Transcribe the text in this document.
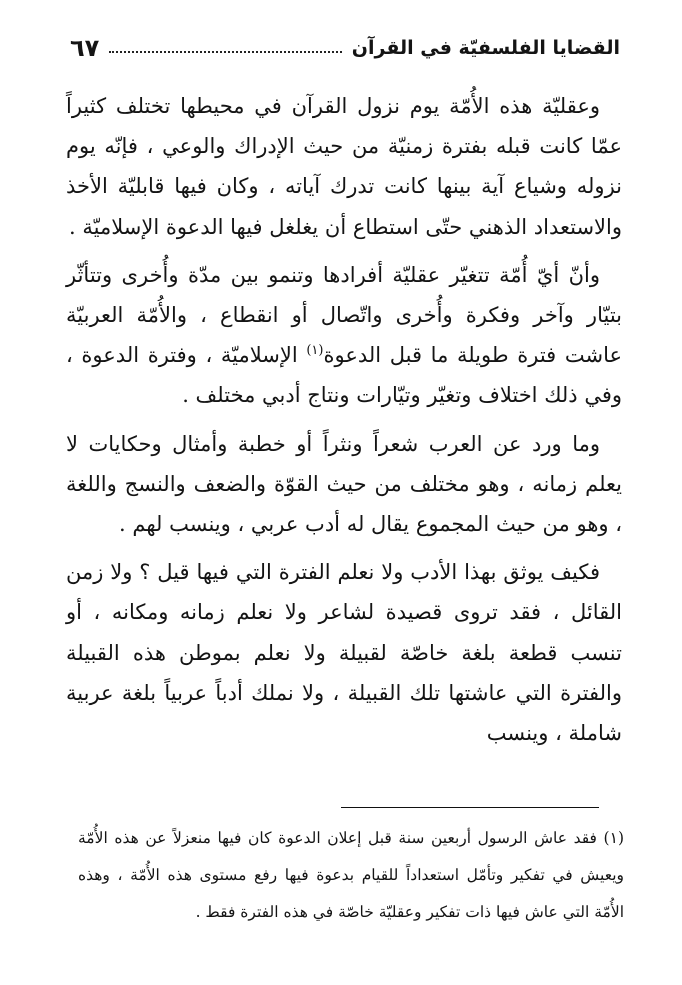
القضايا الفلسفيّة في القرآن
٦٧

وعقليّة هذه الأُمّة يوم نزول القرآن في محيطها تختلف كثيراً عمّا كانت قبله بفترة زمنيّة من حيث الإدراك والوعي ، فإنّه يوم نزوله وشياع آية بينها كانت تدرك آياته ، وكان فيها قابليّة الأخذ والاستعداد الذهني حتّى استطاع أن يغلغل فيها الدعوة الإسلاميّة .

وأنّ أيّ أُمّة تتغيّر عقليّة أفرادها وتنمو بين مدّة وأُخرى وتتأثّر بتيّار وآخر وفكرة وأُخرى واتّصال أو انقطاع ، والأُمّة العربيّة عاشت فترة طويلة ما قبل الدعوة$^{(١)}$ الإسلاميّة ، وفترة الدعوة ، وفي ذلك اختلاف وتغيّر وتيّارات ونتاج أدبي مختلف .

وما ورد عن العرب شعراً ونثراً أو خطبة وأمثال وحكايات لا يعلم زمانه ، وهو مختلف من حيث القوّة والضعف والنسج واللغة ، وهو من حيث المجموع يقال له أدب عربي ، وينسب لهم .

فكيف يوثق بهذا الأدب ولا نعلم الفترة التي فيها قيل ؟ ولا زمن القائل ، فقد تروى قصيدة لشاعر ولا نعلم زمانه ومكانه ، أو تنسب قطعة بلغة خاصّة لقبيلة ولا نعلم بموطن هذه القبيلة والفترة التي عاشتها تلك القبيلة ، ولا نملك أدباً عربياً بلغة عربية شاملة ، وينسب

(١) فقد عاش الرسول أربعين سنة قبل إعلان الدعوة كان فيها منعزلاً عن هذه الأُمّة ويعيش في تفكير وتأمّل استعداداً للقيام بدعوة فيها رفع مستوى هذه الأُمّة ، وهذه الأُمّة التي عاش فيها ذات تفكير وعقليّة خاصّة في هذه الفترة فقط .
